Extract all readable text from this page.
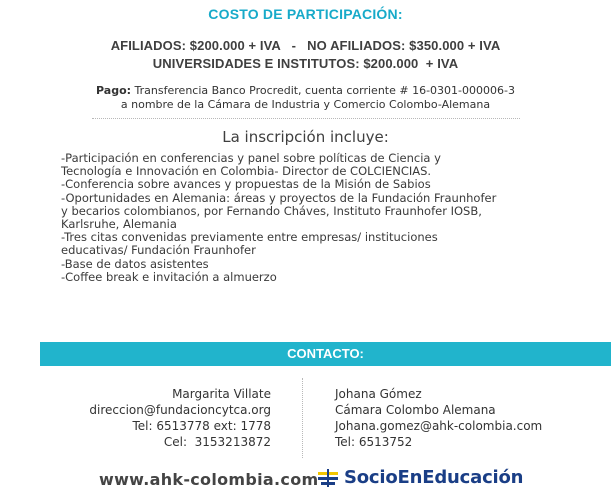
COSTO DE PARTICIPACIÓN:
AFILIADOS: $200.000 + IVA   -   NO AFILIADOS: $350.000 + IVA
UNIVERSIDADES E INSTITUTOS: $200.000  + IVA
Pago: Transferencia Banco Procredit, cuenta corriente # 16-0301-000006-3
a nombre de la Cámara de Industria y Comercio Colombo-Alemana
La inscripción incluye:
-Participación en conferencias y panel sobre políticas de Ciencia y
Tecnología e Innovación en Colombia- Director de COLCIENCIAS.
-Conferencia sobre avances y propuestas de la Misión de Sabios
-Oportunidades en Alemania: áreas y proyectos de la Fundación Fraunhofer
y becarios colombianos, por Fernando Cháves, Instituto Fraunhofer IOSB,
Karlsruhe, Alemania
-Tres citas convenidas previamente entre empresas/ instituciones
educativas/ Fundación Fraunhofer
-Base de datos asistentes
-Coffee break e invitación a almuerzo
CONTACTO:
Margarita Villate
direccion@fundacioncytca.org
Tel: 6513778 ext: 1778
Cel:  3153213872
Johana Gómez
Cámara Colombo Alemana
Johana.gomez@ahk-colombia.com
Tel: 6513752
www.ahk-colombia.com SocioEnEducación
